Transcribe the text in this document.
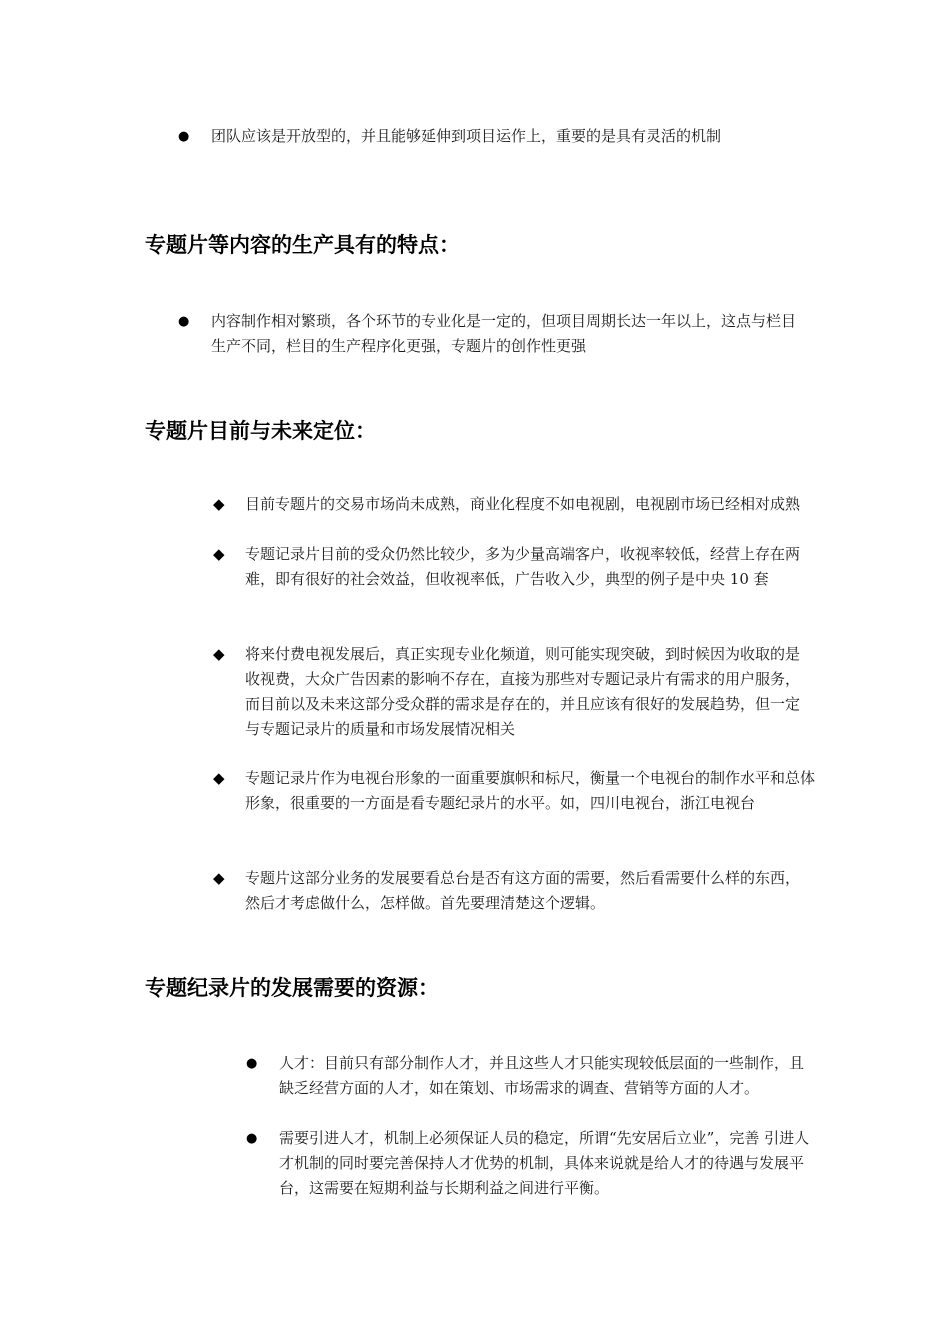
●	团队应该是开放型的，并且能够延伸到项目运作上，重要的是具有灵活的机制
专题片等内容的生产具有的特点：
●	内容制作相对繁琐，各个环节的专业化是一定的，但项目周期长达一年以上，这点与栏目生产不同，栏目的生产程序化更强，专题片的创作性更强
专题片目前与未来定位：
◆	目前专题片的交易市场尚未成熟，商业化程度不如电视剧，电视剧市场已经相对成熟
◆	专题记录片目前的受众仍然比较少，多为少量高端客户，收视率较低，经营上存在两难，即有很好的社会效益，但收视率低，广告收入少，典型的例子是中央 10 套
◆	将来付费电视发展后，真正实现专业化频道，则可能实现突破，到时候因为收取的是收视费，大众广告因素的影响不存在，直接为那些对专题记录片有需求的用户服务，而目前以及未来这部分受众群的需求是存在的，并且应该有很好的发展趋势，但一定与专题记录片的质量和市场发展情况相关
◆	专题记录片作为电视台形象的一面重要旗帜和标尺，衡量一个电视台的制作水平和总体形象，很重要的一方面是看专题纪录片的水平。如，四川电视台，浙江电视台
◆	专题片这部分业务的发展要看总台是否有这方面的需要，然后看需要什么样的东西，然后才考虑做什么，怎样做。首先要理清楚这个逻辑。
专题纪录片的发展需要的资源：
●	人才：目前只有部分制作人才，并且这些人才只能实现较低层面的一些制作，且缺乏经营方面的人才，如在策划、市场需求的调查、营销等方面的人才。
●	需要引进人才，机制上必须保证人员的稳定，所谓“先安居后立业”，完善 引进人才机制的同时要完善保持人才优势的机制，具体来说就是给人才的待遇与发展平台，这需要在短期利益与长期利益之间进行平衡。
